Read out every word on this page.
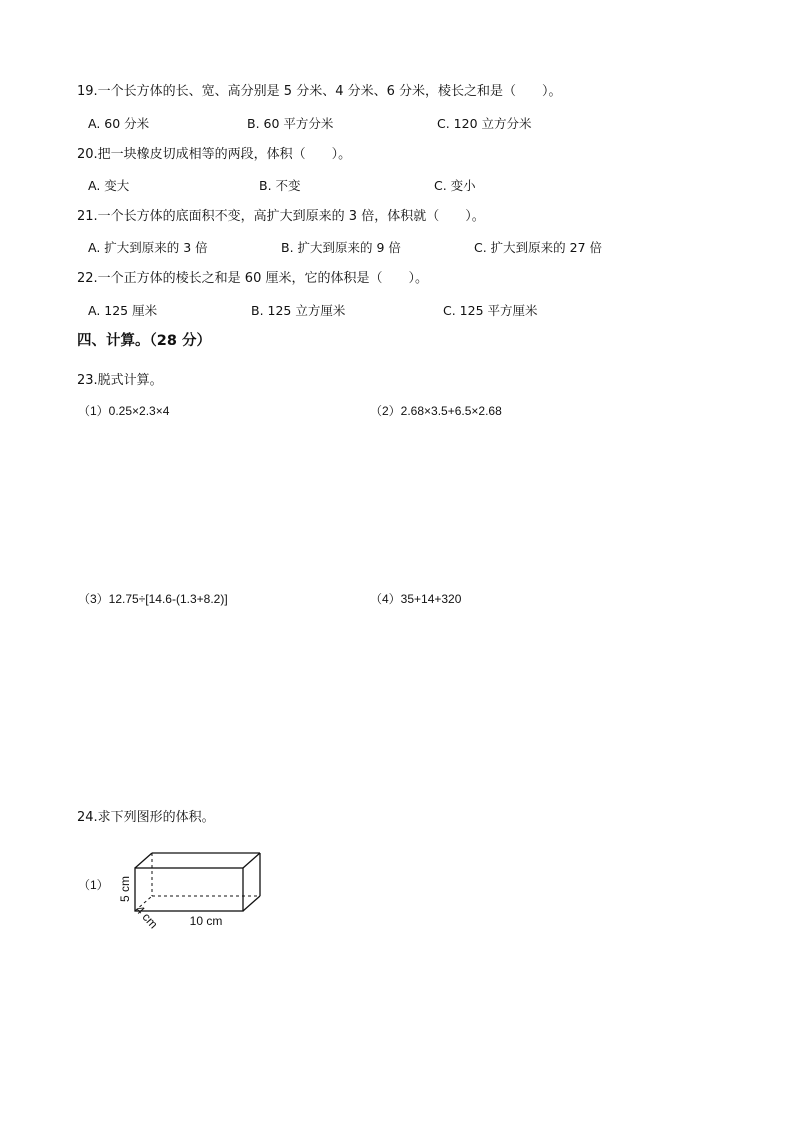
19.一个长方体的长、宽、高分别是 5 分米、4 分米、6 分米，棱长之和是（　　）。
A. 60 分米	B. 60 平方分米	C. 120 立方分米
20.把一块橡皮切成相等的两段，体积（　　）。
A. 变大	B. 不变	C. 变小
21.一个长方体的底面积不变，高扩大到原来的 3 倍，体积就（　　）。
A. 扩大到原来的 3 倍	B. 扩大到原来的 9 倍	C. 扩大到原来的 27 倍
22.一个正方体的棱长之和是 60 厘米，它的体积是（　　）。
A. 125 厘米	B. 125 立方厘米	C. 125 平方厘米
四、计算。（28 分）
23.脱式计算。
（1）0.25×2.3×4	（2）2.68×3.5+6.5×2.68
（3）12.75÷[14.6-(1.3+8.2)]	（4）35+14+320
24.求下列图形的体积。
（1） 5 cm
4 cm 10 cm
